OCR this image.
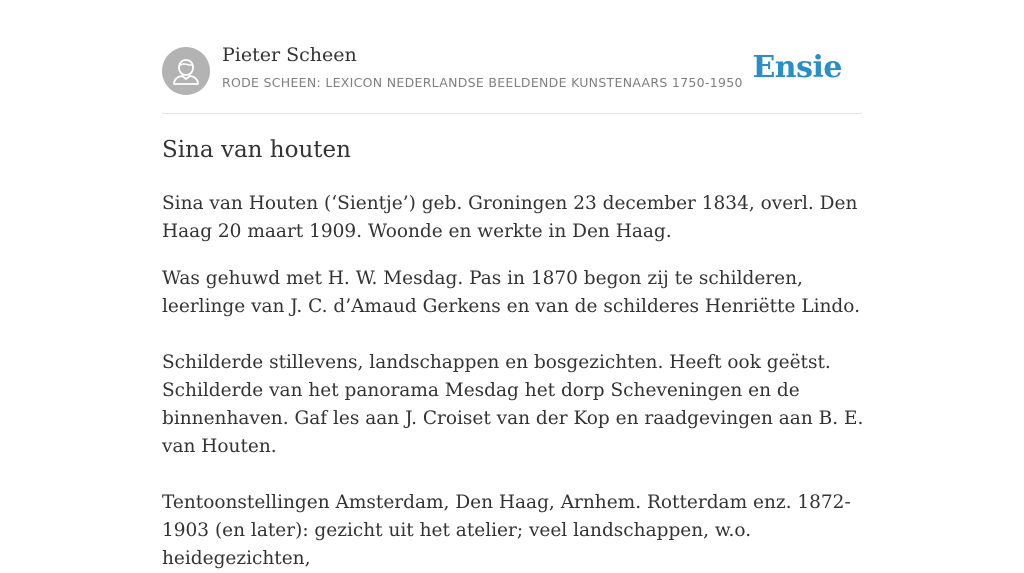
Pieter Scheen
RODE SCHEEN: LEXICON NEDERLANDSE BEELDENDE KUNSTENAARS 1750-1950 Ensie
Sina van houten

Sina van Houten (‘Sientje’) geb. Groningen 23 december 1834, overl. Den Haag 20 maart 1909. Woonde en werkte in Den Haag.

Was gehuwd met H. W. Mesdag. Pas in 1870 begon zij te schilderen, leerlinge van J. C. d’Amaud Gerkens en van de schilderes Henriëtte Lindo.

Schilderde stillevens, landschappen en bosgezichten. Heeft ook geëtst. Schilderde van het panorama Mesdag het dorp Scheveningen en de binnenhaven. Gaf les aan J. Croiset van der Kop en raadgevingen aan B. E. van Houten.

Tentoonstellingen Amsterdam, Den Haag, Arnhem. Rotterdam enz. 1872-1903 (en later): gezicht uit het atelier; veel landschappen, w.o. heidegezichten,
